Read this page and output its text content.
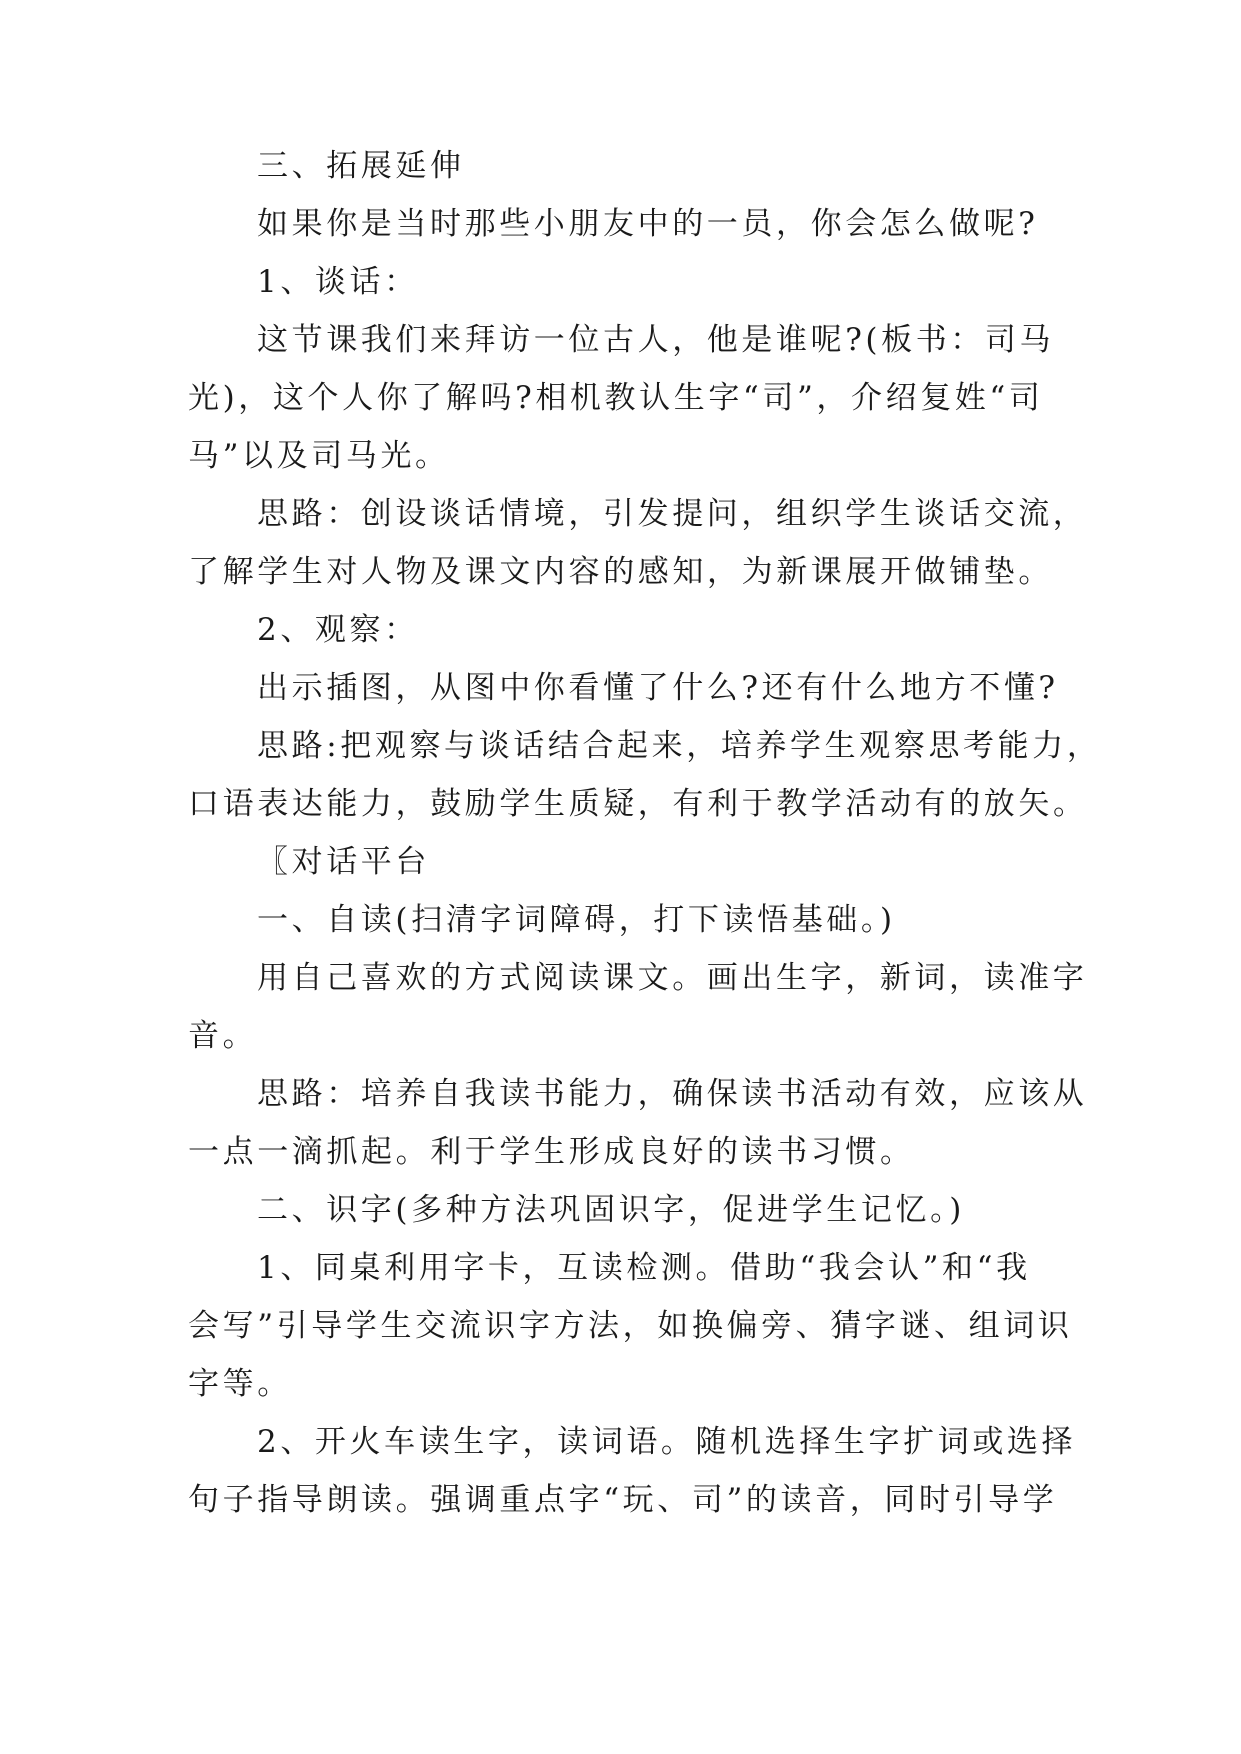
三、拓展延伸
如果你是当时那些小朋友中的一员，你会怎么做呢?
1、谈话：
这节课我们来拜访一位古人，他是谁呢?(板书：司马
光)，这个人你了解吗?相机教认生字“司”，介绍复姓“司
马”以及司马光。
思路：创设谈话情境，引发提问，组织学生谈话交流，
了解学生对人物及课文内容的感知，为新课展开做铺垫。
2、观察：
出示插图，从图中你看懂了什么?还有什么地方不懂?
思路:把观察与谈话结合起来，培养学生观察思考能力，
口语表达能力，鼓励学生质疑，有利于教学活动有的放矢。
〖对话平台
一、自读(扫清字词障碍，打下读悟基础。)
用自己喜欢的方式阅读课文。画出生字，新词，读准字
音。
思路：培养自我读书能力，确保读书活动有效，应该从
一点一滴抓起。利于学生形成良好的读书习惯。
二、识字(多种方法巩固识字，促进学生记忆。)
1、同桌利用字卡，互读检测。借助“我会认”和“我
会写”引导学生交流识字方法，如换偏旁、猜字谜、组词识
字等。
2、开火车读生字，读词语。随机选择生字扩词或选择
句子指导朗读。强调重点字“玩、司”的读音，同时引导学
